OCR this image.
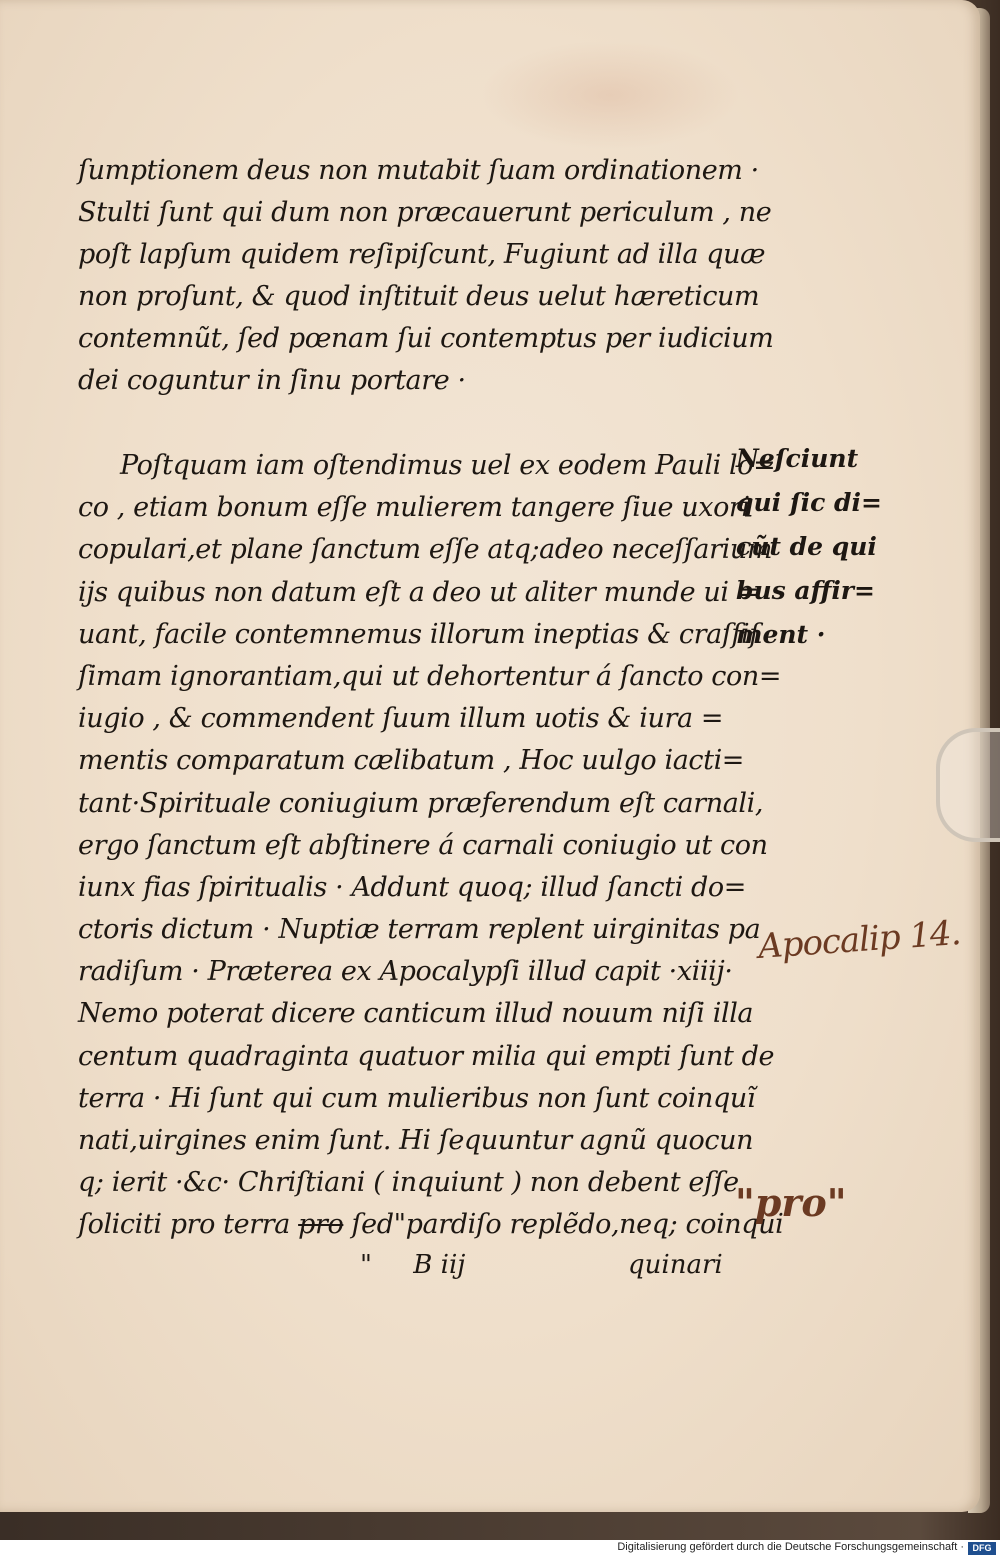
ſumptionem deus non mutabit ſuam ordinationem ·
Stulti ſunt qui dum non præcauerunt periculum , ne
poſt lapſum quidem reſipiſcunt, Fugiunt ad illa quæ
non proſunt, & quod inſtituit deus uelut hæreticum
contemnũt, ſed pœnam ſui contemptus per iudicium
dei coguntur in ſinu portare ·
Poſtquam iam oſtendimus uel ex eodem Pauli lo=
co , etiam bonum eſſe mulierem tangere ſiue uxori
copulari,et plane ſanctum eſſe atq;adeo neceſſarium
ijs quibus non datum eſt a deo ut aliter munde ui =
uant, facile contemnemus illorum ineptias & craſſiſ
ſimam ignorantiam,qui ut dehortentur á ſancto con=
iugio , & commendent ſuum illum uotis & iura =
mentis comparatum cælibatum , Hoc uulgo iacti=
tant·Spirituale coniugium præferendum eſt carnali,
ergo ſanctum eſt abſtinere á carnali coniugio ut con
iunx fias ſpiritualis · Addunt quoq; illud ſancti do=
ctoris dictum · Nuptiæ terram replent uirginitas pa
radiſum · Præterea ex Apocalypſi illud capit ·xiiij·
Nemo poterat dicere canticum illud nouum niſi illa
centum quadraginta quatuor milia qui empti ſunt de
terra · Hi ſunt qui cum mulieribus non ſunt coinquĩ
nati,uirgines enim ſunt. Hi ſequuntur agnũ quocun
q; ierit ·&c· Chriſtiani ( inquiunt ) non debent eſſe
ſoliciti pro terra pro ſed"pardiſo replẽdo,neq; coinqui
Neſciunt
qui ſic di=
cũt de qui
bus affir=
ment ·
Apocalip 14.
"pro"
" B iij	quinari
Digitalisierung gefördert durch die Deutsche Forschungsgemeinschaft · DFG
